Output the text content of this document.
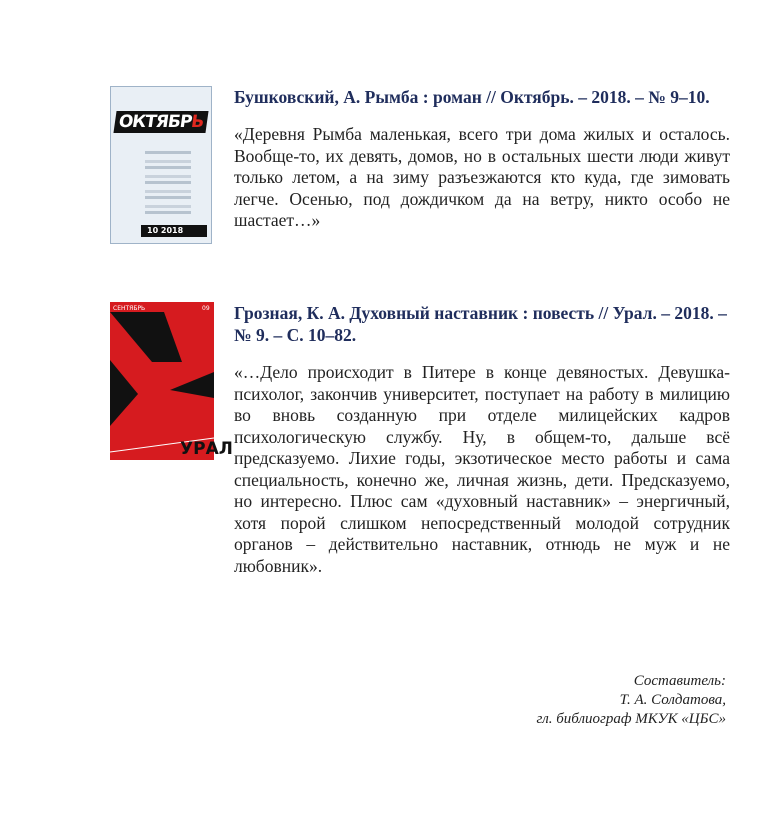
ОКТЯБРЬ
10 2018

Бушковский, А. Рымба : роман // Октябрь. – 2018. – № 9–10.

«Деревня Рымба маленькая, всего три дома жилых и осталось. Вообще-то, их девять, домов, но в остальных шести люди живут только летом, а на зиму разъезжаются кто куда, где зимовать легче. Осенью, под дождичком да на ветру, никто особо не шастает…»

СЕНТЯБРЬ	09
УРАЛ

Грозная, К. А. Духовный наставник : повесть // Урал. – 2018. – № 9. – С. 10–82.

«…Дело происходит в Питере в конце девяностых. Девушка-психолог, закончив университет, поступает на работу в милицию во вновь созданную при отделе милицейских кадров психологическую службу. Ну, в общем-то, дальше всё предсказуемо. Лихие годы, экзотическое место работы и сама специальность, конечно же, личная жизнь, дети. Предсказуемо, но интересно. Плюс сам «духовный наставник» – энергичный, хотя порой слишком непосредственный молодой сотрудник органов – действительно наставник, отнюдь не муж и не любовник».

Составитель:
Т. А. Солдатова,
гл. библиограф МКУК «ЦБС»
